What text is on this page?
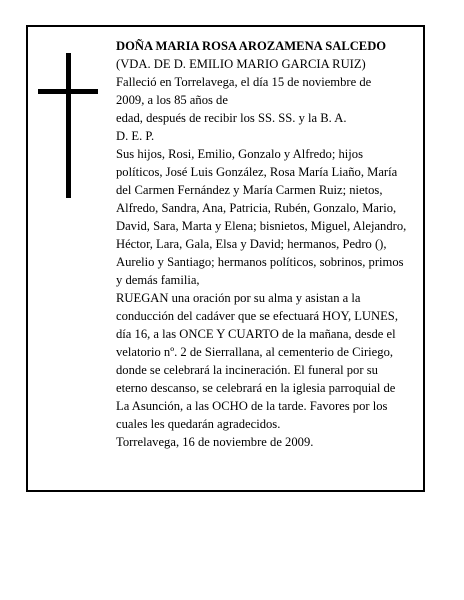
DOÑA MARIA ROSA AROZAMENA SALCEDO
(VDA. DE D. EMILIO MARIO GARCIA RUIZ)
Falleció en Torrelavega, el día 15 de noviembre de
2009, a los 85 años de
edad, después de recibir los SS. SS. y la B. A.
D. E. P.
Sus hijos, Rosi, Emilio, Gonzalo y Alfredo; hijos políticos, José Luis González, Rosa María Liaño, María del Carmen Fernández y María Carmen Ruiz; nietos, Alfredo, Sandra, Ana, Patricia, Rubén, Gonzalo, Mario, David, Sara, Marta y Elena; bisnietos, Miguel, Alejandro, Héctor, Lara, Gala, Elsa y David; hermanos, Pedro (), Aurelio y Santiago; hermanos políticos, sobrinos, primos y demás familia,
RUEGAN una oración por su alma y asistan a la conducción del cadáver que se efectuará HOY, LUNES, día 16, a las ONCE Y CUARTO de la mañana, desde el velatorio nº. 2 de Sierrallana, al cementerio de Ciriego, donde se celebrará la incineración. El funeral por su eterno descanso, se celebrará en la iglesia parroquial de La Asunción, a las OCHO de la tarde. Favores por los cuales les quedarán agradecidos.
Torrelavega, 16 de noviembre de 2009.
